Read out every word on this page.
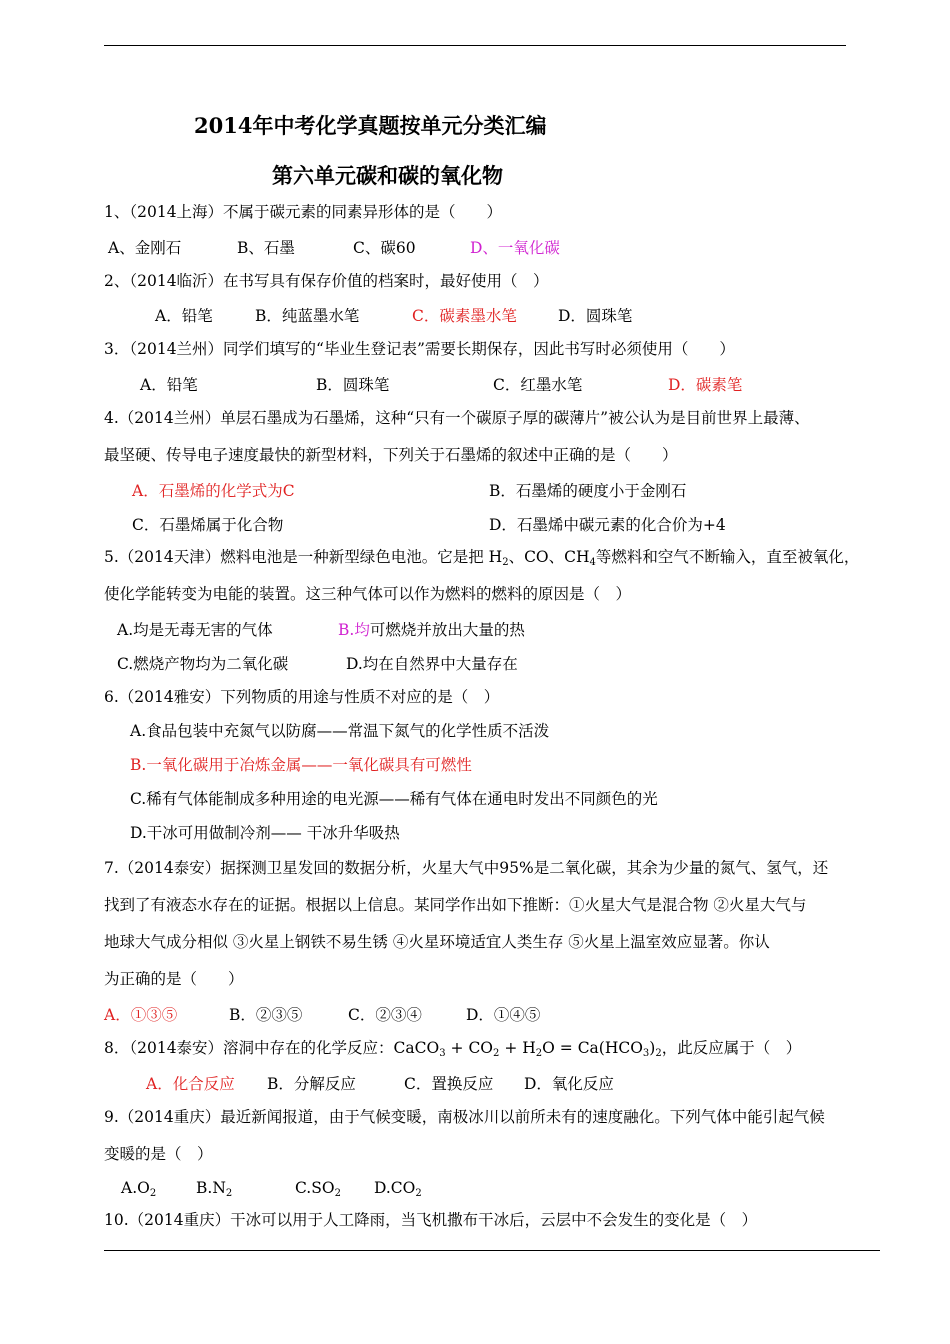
2014年中考化学真题按单元分类汇编
第六单元碳和碳的氧化物
1、（2014上海）不属于碳元素的同素异形体的是（　　）
A、金刚石	B、石墨	C、碳60	D、一氧化碳
2、（2014临沂）在书写具有保存价值的档案时，最好使用（　）
A．铅笔	B．纯蓝墨水笔	C．碳素墨水笔	D．圆珠笔
3．（2014兰州）同学们填写的“毕业生登记表”需要长期保存，因此书写时必须使用（　　）
A．铅笔	B．圆珠笔	C．红墨水笔	D．碳素笔
4.（2014兰州）单层石墨成为石墨烯，这种“只有一个碳原子厚的碳薄片”被公认为是目前世界上最薄、
最坚硬、传导电子速度最快的新型材料，下列关于石墨烯的叙述中正确的是（　　）
A．石墨烯的化学式为C	B．石墨烯的硬度小于金刚石
C．石墨烯属于化合物	D．石墨烯中碳元素的化合价为+4
5.（2014天津）燃料电池是一种新型绿色电池。它是把 $H_2$、CO、$CH_4$等燃料和空气不断输入，直至被氧化，
使化学能转变为电能的装置。这三种气体可以作为燃料的燃料的原因是（　）
A.均是无毒无害的气体	B.均可燃烧并放出大量的热
C.燃烧产物均为二氧化碳	D.均在自然界中大量存在
6.（2014雅安）下列物质的用途与性质不对应的是（　）
A.食品包装中充氮气以防腐——常温下氮气的化学性质不活泼
B.一氧化碳用于冶炼金属——一氧化碳具有可燃性
C.稀有气体能制成多种用途的电光源——稀有气体在通电时发出不同颜色的光
D.干冰可用做制冷剂—— 干冰升华吸热
7.（2014泰安）据探测卫星发回的数据分析，火星大气中95%是二氧化碳，其余为少量的氮气、氢气，还
找到了有液态水存在的证据。根据以上信息。某同学作出如下推断：①火星大气是混合物 ②火星大气与
地球大气成分相似 ③火星上钢铁不易生锈 ④火星环境适宜人类生存 ⑤火星上温室效应显著。你认
为正确的是（　　）
A．①③⑤	B．②③⑤	C．②③④	D．①④⑤
8．（2014泰安）溶洞中存在的化学反应：CaCO$_3$ + $CO_2 + H_2O = Ca(HCO_3)_2$，此反应属于（　）
A．化合反应 B．分解反应	C．置换反应 D．氧化反应
9.（2014重庆）最近新闻报道，由于气候变暖，南极冰川以前所未有的速度融化。下列气体中能引起气候
变暖的是（　）
$A.O_2$	$B.N_2$	$C.SO_2$ $D.CO_2$
10.（2014重庆）干冰可以用于人工降雨，当飞机撒布干冰后，云层中不会发生的变化是（　）
